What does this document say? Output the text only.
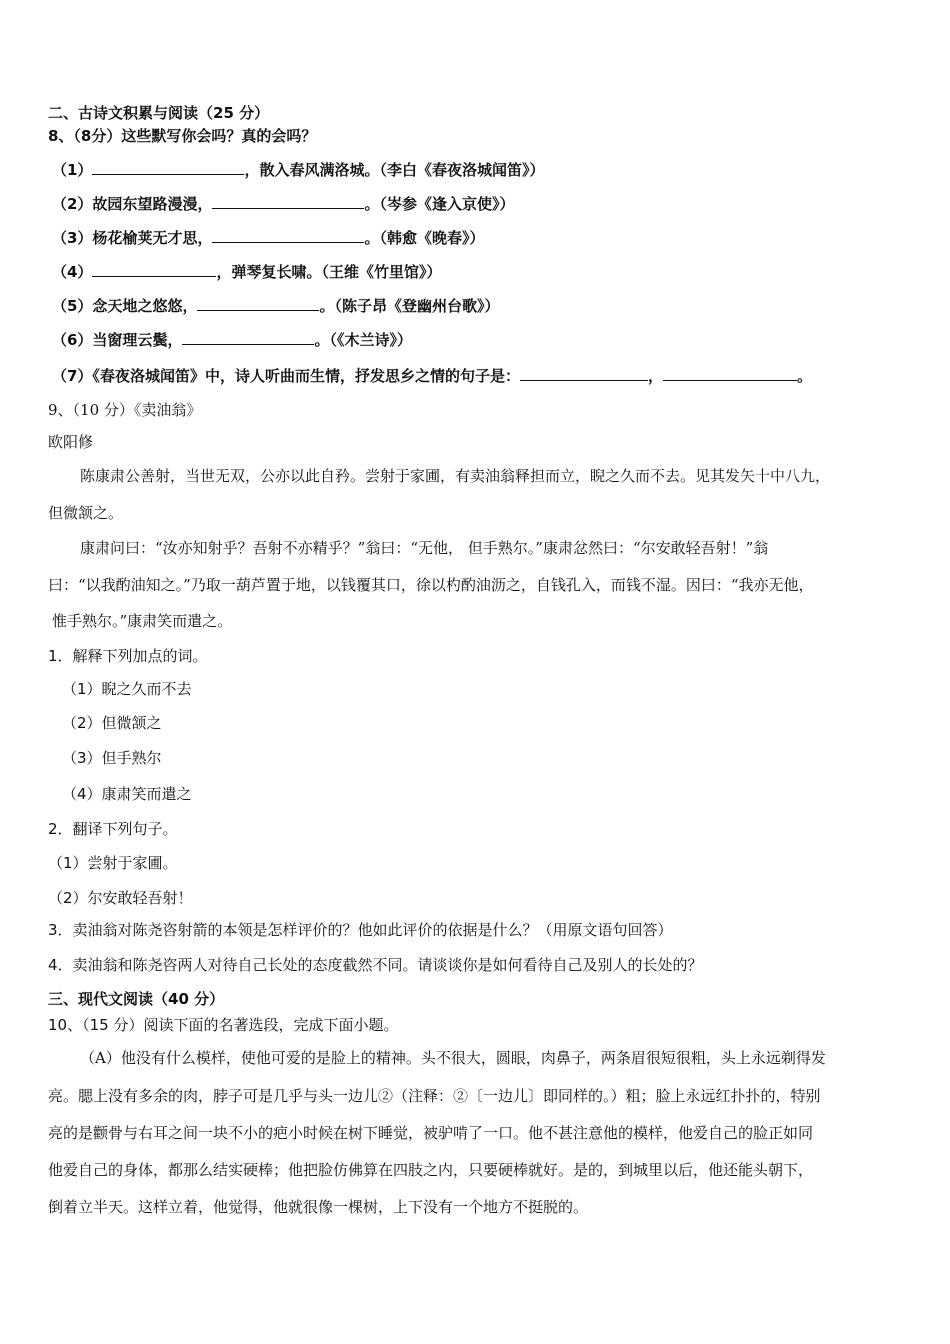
二、古诗文积累与阅读（25 分）
8、（8分）这些默写你会吗？真的会吗？
（1）	，散入春风满洛城。（李白《春夜洛城闻笛》）
（2）故园东望路漫漫，	。（岑参《逢入京使》）
（3）杨花榆荚无才思，	。（韩愈《晚春》）
（4）	，弹琴复长啸。（王维《竹里馆》）
（5）念天地之悠悠，	。（陈子昂《登幽州台歌》）
（6）当窗理云鬓，	。（《木兰诗》）
（7）《春夜洛城闻笛》中，诗人听曲而生情，抒发思乡之情的句子是：	，	。
9、（10 分）《卖油翁》
欧阳修
陈康肃公善射，当世无双，公亦以此自矜。尝射于家圃，有卖油翁释担而立，睨之久而不去。见其发矢十中八九，
但微颔之。
康肃问曰：“汝亦知射乎？吾射不亦精乎？”翁曰：“无他， 但手熟尔。”康肃忿然曰：“尔安敢轻吾射！”翁
曰：“以我酌油知之。”乃取一葫芦置于地，以钱覆其口，徐以杓酌油沥之，自钱孔入，而钱不湿。因曰：“我亦无他，
惟手熟尔。”康肃笑而遣之。
1．解释下列加点的词。
（1）睨之久而不去
（2）但微颔之
（3）但手熟尔
（4）康肃笑而遣之
2．翻译下列句子。
（1）尝射于家圃。
（2）尔安敢轻吾射！
3．卖油翁对陈尧咨射箭的本领是怎样评价的？他如此评价的依据是什么？（用原文语句回答）
4．卖油翁和陈尧咨两人对待自己长处的态度截然不同。请谈谈你是如何看待自己及别人的长处的？
三、现代文阅读（40 分）
10、（15 分）阅读下面的名著选段，完成下面小题。
（A）他没有什么模样，使他可爱的是脸上的精神。头不很大，圆眼，肉鼻子，两条眉很短很粗，头上永远剃得发
亮。腮上没有多余的肉，脖子可是几乎与头一边儿②（注释：②〔一边儿〕即同样的。）粗；脸上永远红扑扑的，特别
亮的是颧骨与右耳之间一块不小的疤小时候在树下睡觉，被驴啃了一口。他不甚注意他的模样，他爱自己的脸正如同
他爱自己的身体，都那么结实硬棒；他把脸仿佛算在四肢之内，只要硬棒就好。是的，到城里以后，他还能头朝下，
倒着立半天。这样立着，他觉得，他就很像一棵树，上下没有一个地方不挺脱的。
